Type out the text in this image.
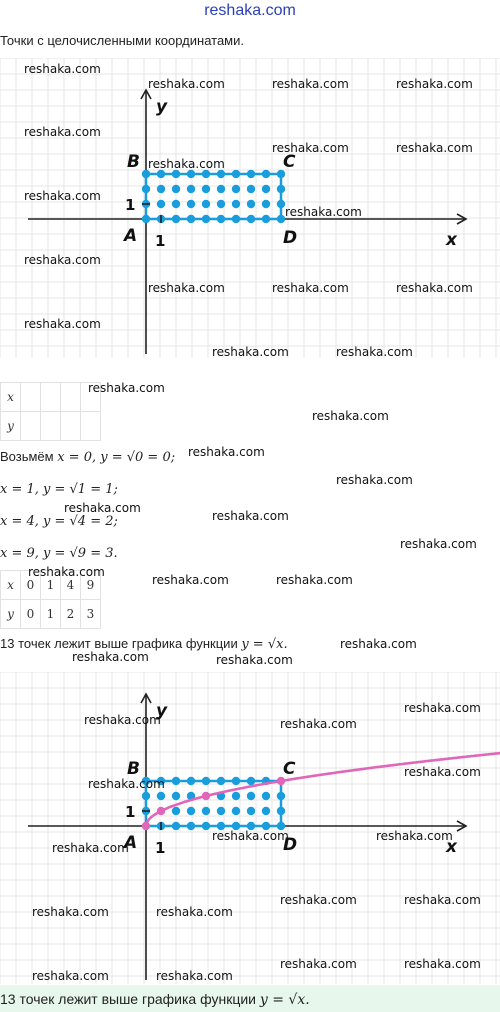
reshaka.com
Точки с целочисленными координатами.
A
B	C
D	x
y
1
1
x				
y				
Возьмём x = 0, y = √0 = 0;
x = 1, y = √1 = 1;
x = 4, y = √4 = 2;
x = 9, y = √9 = 3.
x	0	1	4	9
y	0	1	2	3
13 точек лежит выше графика функции y = √x.
A
B	C
D	x
y
1
1
13 точек лежит выше графика функции y = √x.
reshaka.com
reshaka.com	reshaka.com	reshaka.com
reshaka.com
reshaka.com	reshaka.com
reshaka.com
reshaka.com
reshaka.com
reshaka.com
reshaka.com	reshaka.com	reshaka.com
reshaka.com
reshaka.com	reshaka.com
reshaka.com
reshaka.com
reshaka.com
reshaka.com
reshaka.com
reshaka.com
reshaka.com
reshaka.com
reshaka.com	reshaka.com
reshaka.com
reshaka.com	reshaka.com
reshaka.com
reshaka.com	reshaka.com
reshaka.com
reshaka.com
reshaka.com	reshaka.com
reshaka.com
reshaka.com	reshaka.com
reshaka.com	reshaka.com
reshaka.com	reshaka.com
reshaka.com	reshaka.com
